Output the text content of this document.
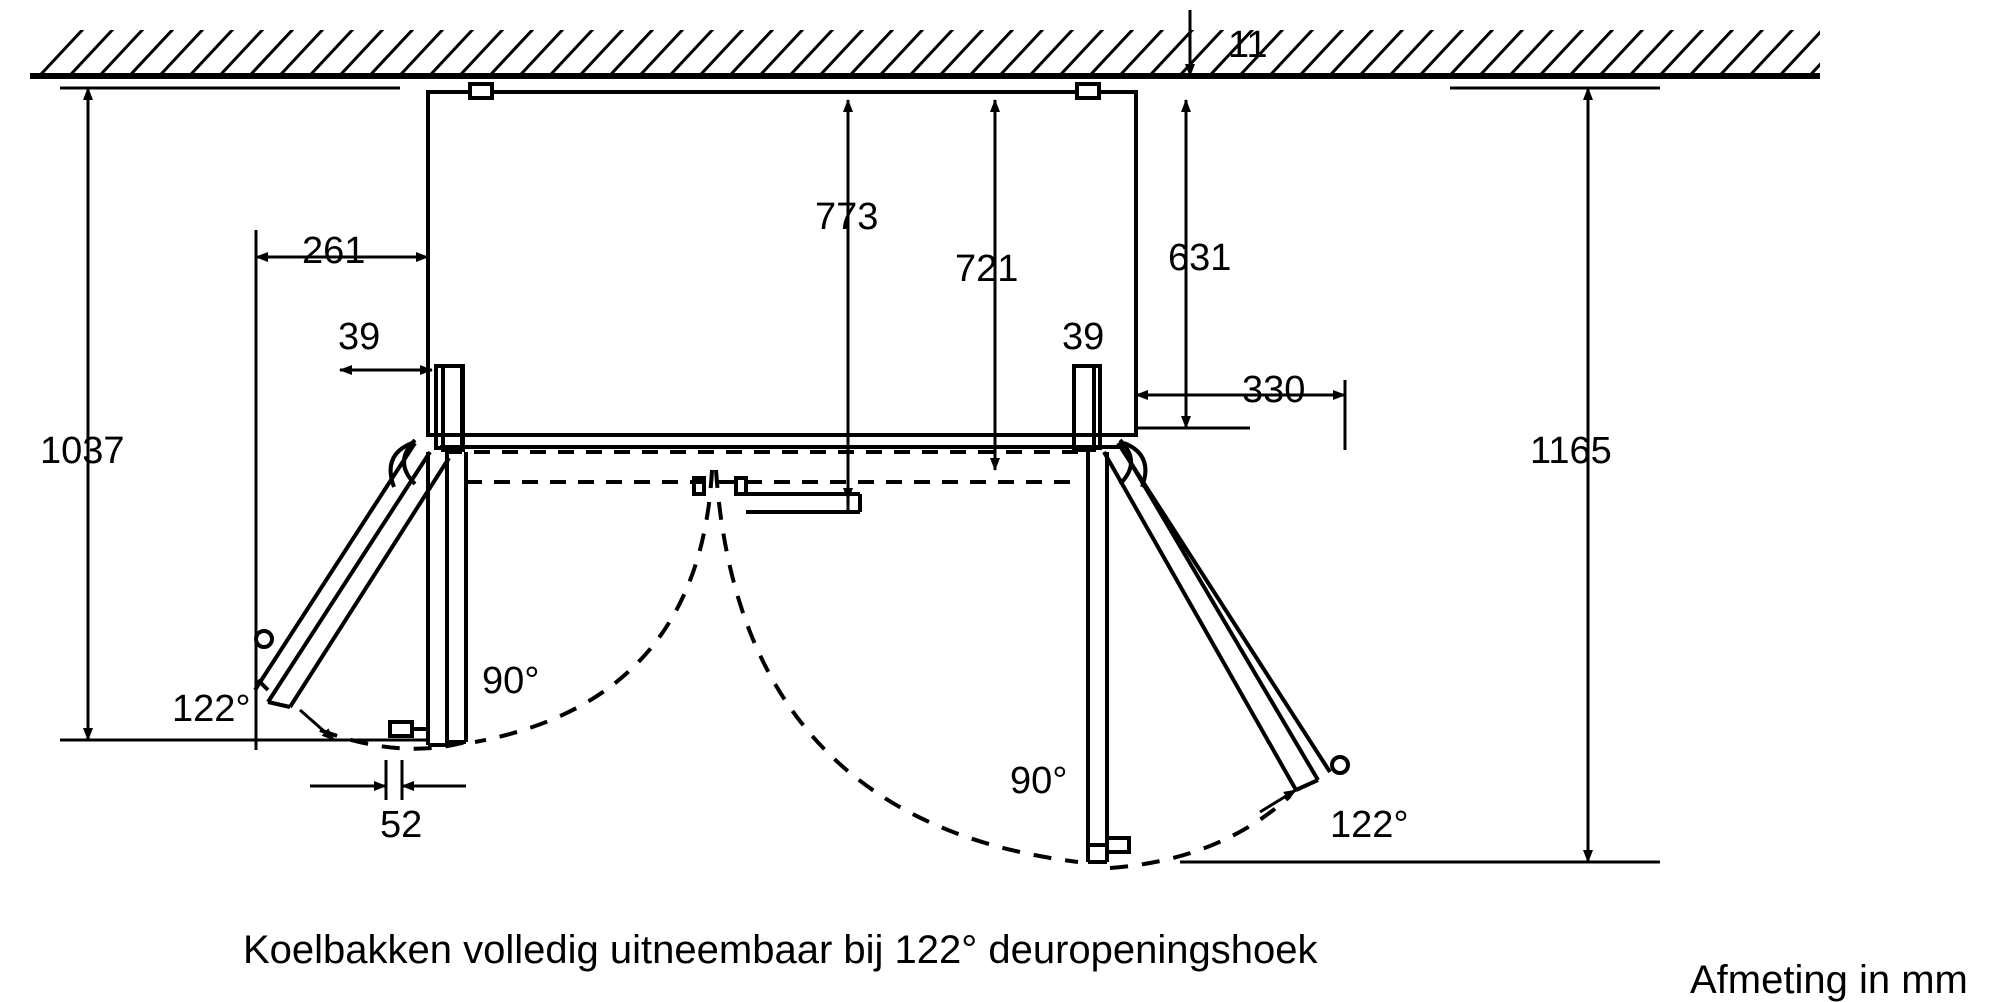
11
773
721	631
261
39	39
330
1037	1165
52
122°
90°
90°
122°
Koelbakken volledig uitneembaar bij 122° deuropeningshoek
Afmeting in mm
